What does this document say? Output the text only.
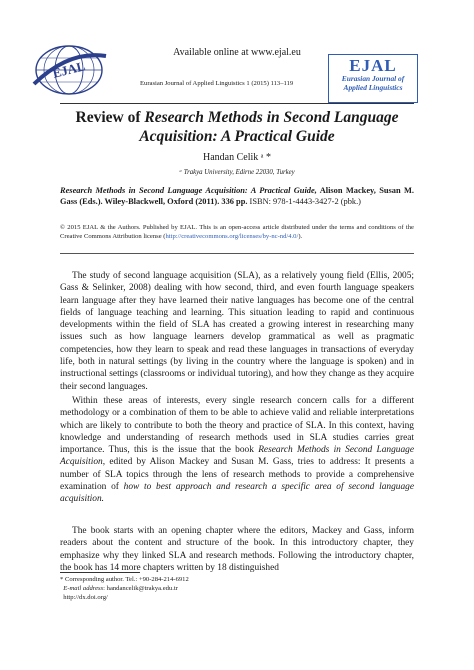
EJAL
Available online at www.ejal.eu
Eurasian Journal of Applied Linguistics 1 (2015) 113–119
EJAL
Eurasian Journal of
Applied Linguistics
Review of Research Methods in Second Language
Acquisition: A Practical Guide
Handan Celik ᵃ *
ᵃ Trakya University, Edirne 22030, Turkey
Research Methods in Second Language Acquisition: A Practical Guide, Alison Mackey, Susan M. Gass (Eds.). Wiley-Blackwell, Oxford (2011). 336 pp. ISBN: 978-1-4443-3427-2 (pbk.)
© 2015 EJAL & the Authors. Published by EJAL. This is an open-access article distributed under the terms and conditions of the Creative Commons Attribution license (http://creativecommons.org/licenses/by-nc-nd/4.0/).

The study of second language acquisition (SLA), as a relatively young field (Ellis, 2005; Gass & Selinker, 2008) dealing with how second, third, and even fourth language speakers learn language after they have learned their native languages has become one of the central fields of language teaching and learning. This situation leading to rapid and continuous developments within the field of SLA has created a growing interest in researching many issues such as how language learners develop grammatical as well as pragmatic competencies, how they learn to speak and read these languages in transactions of everyday life, both in natural settings (by living in the country where the language is spoken) and in instructional settings (classrooms or individual tutoring), and how they change as they acquire their second languages.

Within these areas of interests, every single research concern calls for a different methodology or a combination of them to be able to achieve valid and reliable interpretations which are likely to contribute to both the theory and practice of SLA. In this context, having knowledge and understanding of research methods used in SLA studies carries great importance. Thus, this is the issue that the book Research Methods in Second Language Acquisition, edited by Alison Mackey and Susan M. Gass, tries to address: It presents a number of SLA topics through the lens of research methods to provide a comprehensive examination of how to best approach and research a specific area of second language acquisition.

The book starts with an opening chapter where the editors, Mackey and Gass, inform readers about the content and structure of the book. In this introductory chapter, they emphasize why they linked SLA and research methods. Following the introductory chapter, the book has 14 more chapters written by 18 distinguished

* Corresponding author. Tel.: +90-284-214-6912
E-mail address: handancelik@trakya.edu.tr
http://dx.doi.org/
